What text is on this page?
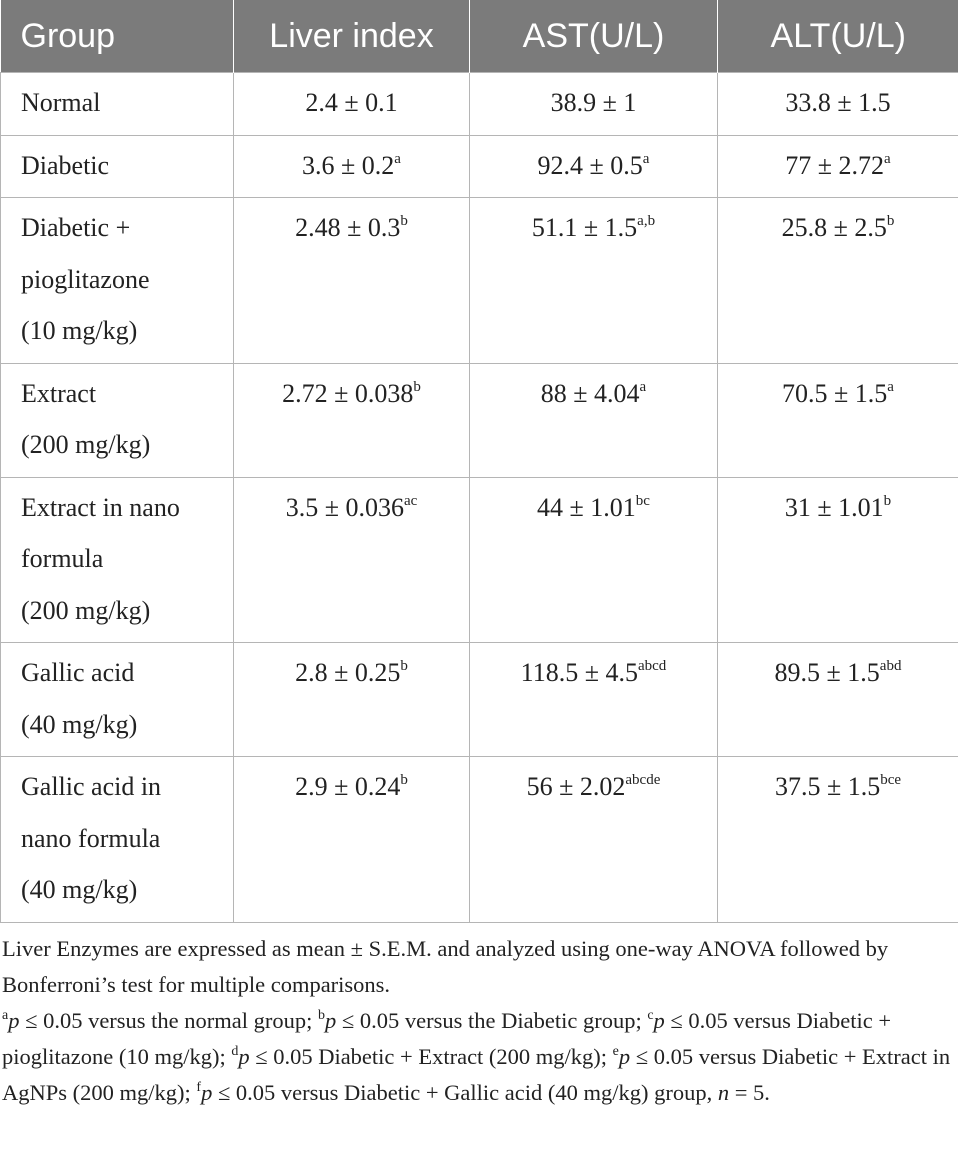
Group	Liver index	AST(U/L)	ALT(U/L)

Normal	2.4 ± 0.1	38.9 ± 1	33.8 ± 1.5

Diabetic	3.6 ± 0.2$^a$	92.4 ± 0.5$^a$	77 ± 2.72$^a$

Diabetic +
pioglitazone
(10 mg/kg)	2.48 ± 0.3$^b$	$51.1 \pm 1.5^{a,b}$	25.8 ± 2.5$^b$

Extract
(200 mg/kg)	2.72 ± 0.038$^b$	88 ± 4.04$^a$	70.5 ± 1.5$^a$

Extract in nano
formula
(200 mg/kg)	3.5 ± 0.036$^{ac}$	44 ± 1.01$^{bc}$	31 ± 1.01$^b$

Gallic acid
(40 mg/kg)	2.8 ± 0.25$^b$	$118.5 \pm 4.5^{abcd}$	89.5 ± 1.5$^{abd}$

Gallic acid in
nano formula
(40 mg/kg)	2.9 ± 0.24$^b$	$56 \pm 2.02^{abcde}$	37.5 ± 1.5$^{bce}$

Liver Enzymes are expressed as mean ± S.E.M. and analyzed using one-way ANOVA followed by Bonferroni’s test for multiple comparisons.

$^a$p ≤ 0.05 versus the normal group; $^b$p ≤ 0.05 versus the Diabetic group; $^c$p ≤ 0.05 versus Diabetic + pioglitazone (10 mg/kg); $^d$p ≤ 0.05 Diabetic + Extract (200 mg/kg); $^e$p ≤ 0.05 versus Diabetic + Extract in AgNPs (200 mg/kg); $^f$p ≤ 0.05 versus Diabetic + Gallic acid (40 mg/kg) group, n = 5.
